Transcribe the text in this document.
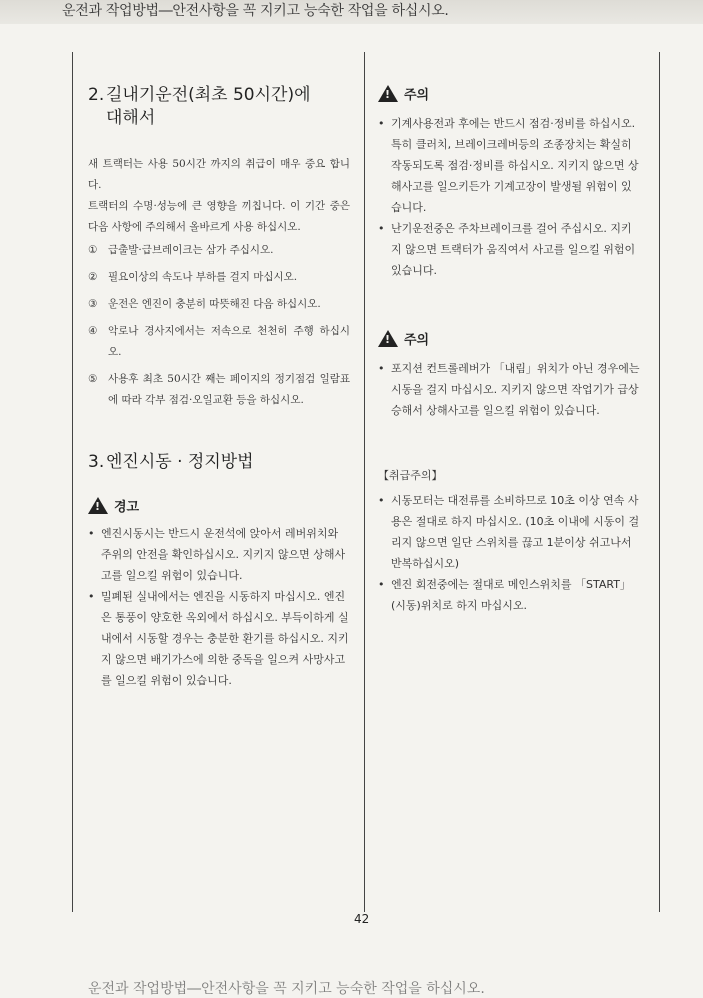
운전과 작업방법―안전사항을 꼭 지키고 능숙한 작업을 하십시오.
2. 길내기운전(최초 50시간)에
대해서

새 트랙터는 사용 50시간 까지의 취급이 매우 중요 합니다.

트랙터의 수명·성능에 큰 영향을 끼칩니다. 이 기간 중은 다음 사항에 주의해서 올바르게 사용 하십시오.

① 급출발·급브레이크는 삼가 주십시오.
② 필요이상의 속도나 부하를 걸지 마십시오.
③ 운전은 엔진이 충분히 따뜻해진 다음 하십시오.
④ 악로나 경사지에서는 저속으로 천천히 주행 하십시오.
⑤ 사용후 최초 50시간 째는 페이지의 정기점검 일람표에 따라 각부 점검·오일교환 등을 하십시오.
3. 엔진시동 · 정지방법
!
경고
• 엔진시동시는 반드시 운전석에 앉아서 레버위치와 주위의 안전을 확인하십시오. 지키지 않으면 상해사고를 일으킬 위험이 있습니다.
• 밀폐된 실내에서는 엔진을 시동하지 마십시오. 엔진은 통풍이 양호한 옥외에서 하십시오. 부득이하게 실내에서 시동할 경우는 충분한 환기를 하십시오. 지키지 않으면 배기가스에 의한 중독을 일으켜 사망사고를 일으킬 위험이 있습니다.
!
주의
• 기계사용전과 후에는 반드시 점검·정비를 하십시오. 특히 클러치, 브레이크레버등의 조종장치는 확실히 작동되도록 점검·정비를 하십시오. 지키지 않으면 상해사고를 일으키든가 기계고장이 발생될 위험이 있습니다.
• 난기운전중은 주차브레이크를 걸어 주십시오. 지키지 않으면 트랙터가 움직여서 사고를 일으킬 위험이 있습니다.
!
주의
• 포지션 컨트롤레버가 「내림」위치가 아닌 경우에는 시동을 걸지 마십시오. 지키지 않으면 작업기가 급상승해서 상해사고를 일으킬 위험이 있습니다.
【취급주의】
• 시동모터는 대전류를 소비하므로 10초 이상 연속 사용은 절대로 하지 마십시오. (10초 이내에 시동이 걸리지 않으면 일단 스위치를 끊고 1분이상 쉬고나서 반복하십시오)
• 엔진 회전중에는 절대로 메인스위치를 「START」(시동)위치로 하지 마십시오.
42
운전과 작업방법―안전사항을 꼭 지키고 능숙한 작업을 하십시오.
